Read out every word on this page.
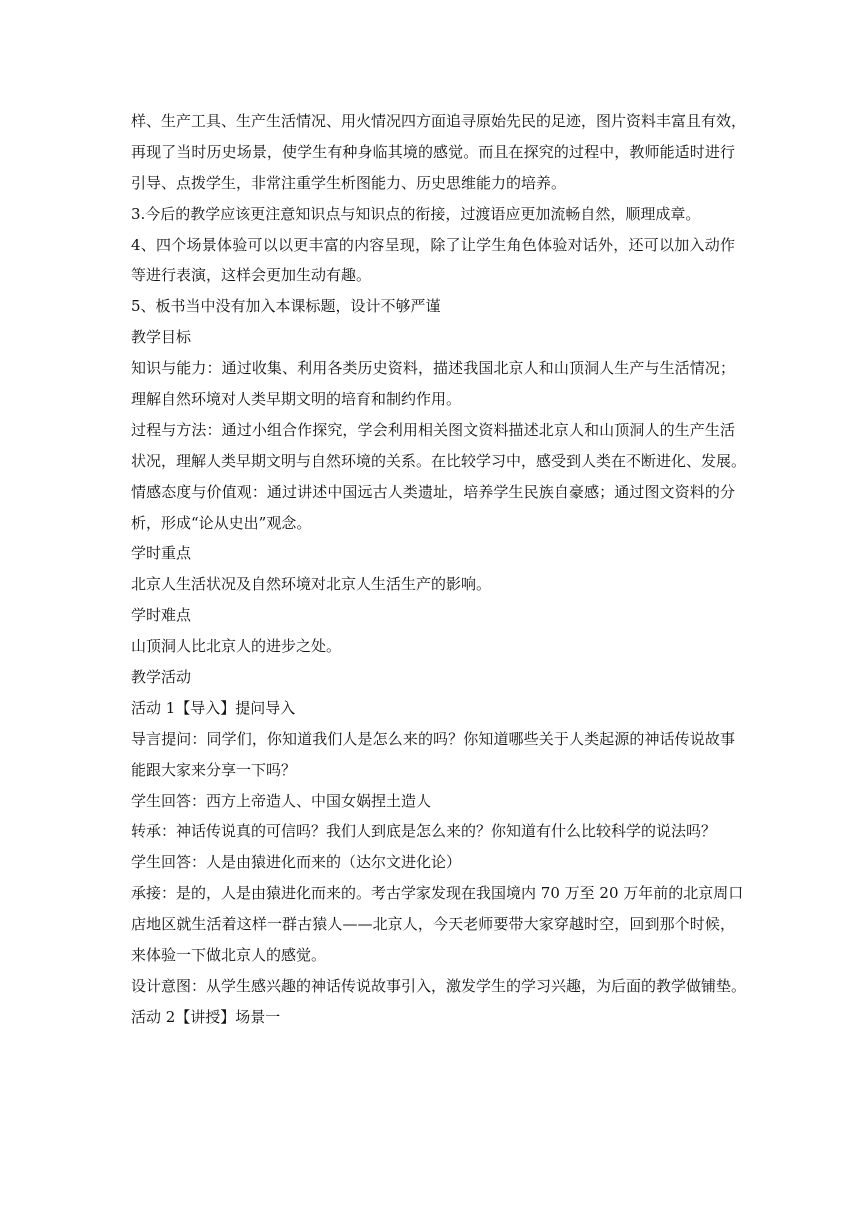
样、生产工具、生产生活情况、用火情况四方面追寻原始先民的足迹，图片资料丰富且有效，
再现了当时历史场景，使学生有种身临其境的感觉。而且在探究的过程中，教师能适时进行
引导、点拨学生，非常注重学生析图能力、历史思维能力的培养。
3.今后的教学应该更注意知识点与知识点的衔接，过渡语应更加流畅自然，顺理成章。
4、四个场景体验可以以更丰富的内容呈现，除了让学生角色体验对话外，还可以加入动作
等进行表演，这样会更加生动有趣。
5、板书当中没有加入本课标题，设计不够严谨
教学目标
知识与能力：通过收集、利用各类历史资料，描述我国北京人和山顶洞人生产与生活情况；
理解自然环境对人类早期文明的培育和制约作用。
过程与方法：通过小组合作探究，学会利用相关图文资料描述北京人和山顶洞人的生产生活
状况，理解人类早期文明与自然环境的关系。在比较学习中，感受到人类在不断进化、发展。
情感态度与价值观：通过讲述中国远古人类遗址，培养学生民族自豪感；通过图文资料的分
析，形成“论从史出”观念。
学时重点
北京人生活状况及自然环境对北京人生活生产的影响。
学时难点
山顶洞人比北京人的进步之处。
教学活动
活动 1【导入】提问导入
导言提问：同学们，你知道我们人是怎么来的吗？你知道哪些关于人类起源的神话传说故事
能跟大家来分享一下吗？
学生回答：西方上帝造人、中国女娲捏土造人
转承：神话传说真的可信吗？我们人到底是怎么来的？你知道有什么比较科学的说法吗？
学生回答：人是由猿进化而来的（达尔文进化论）
承接：是的，人是由猿进化而来的。考古学家发现在我国境内 70 万至 20 万年前的北京周口
店地区就生活着这样一群古猿人——北京人，今天老师要带大家穿越时空，回到那个时候，
来体验一下做北京人的感觉。
设计意图：从学生感兴趣的神话传说故事引入，激发学生的学习兴趣，为后面的教学做铺垫。
活动 2【讲授】场景一
